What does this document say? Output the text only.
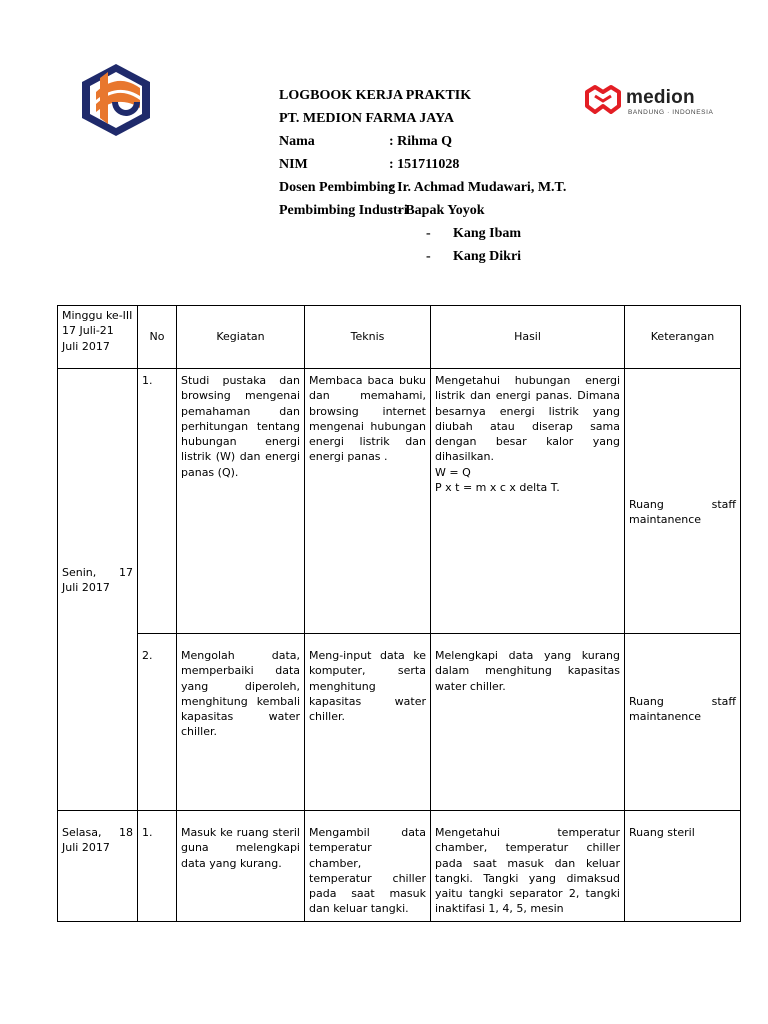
medion
BANDUNG · INDONESIA
LOGBOOK KERJA PRAKTIK
PT. MEDION FARMA JAYA
Nama	: Rihma Q
NIM	: 151711028
Dosen Pembimbing
: Ir. Achmad Mudawari, M.T.
Pembimbing Industri
: - Bapak Yoyok
- Kang Ibam
- Kang Dikri
Minggu ke-III 17 Juli-21 Juli 2017	No	Kegiatan	Teknis	Hasil	Keterangan
Senin, 17 Juli 2017	1.	Studi pustaka dan browsing mengenai pemahaman dan perhitungan tentang hubungan energi listrik (W) dan energi panas (Q).	Membaca baca buku dan memahami, browsing internet mengenai hubungan energi listrik dan energi panas .	Mengetahui hubungan energi listrik dan energi panas. Dimana besarnya energi listrik yang diubah atau diserap sama dengan besar kalor yang dihasilkan.
W = Q
P x t = m x c x delta T.	Ruang staff maintanence
	2.	Mengolah data, memperbaiki data yang diperoleh, menghitung kembali kapasitas water chiller.	Meng-input data ke komputer, serta menghitung kapasitas water chiller.	Melengkapi data yang kurang dalam menghitung kapasitas water chiller.	Ruang staff maintanence
Selasa, 18 Juli 2017	1.	Masuk ke ruang steril guna melengkapi data yang kurang.	Mengambil data temperatur chamber, temperatur chiller pada saat masuk dan keluar tangki.	Mengetahui temperatur chamber, temperatur chiller pada saat masuk dan keluar tangki. Tangki yang dimaksud yaitu tangki separator 2, tangki inaktifasi 1, 4, 5, mesin	Ruang steril
